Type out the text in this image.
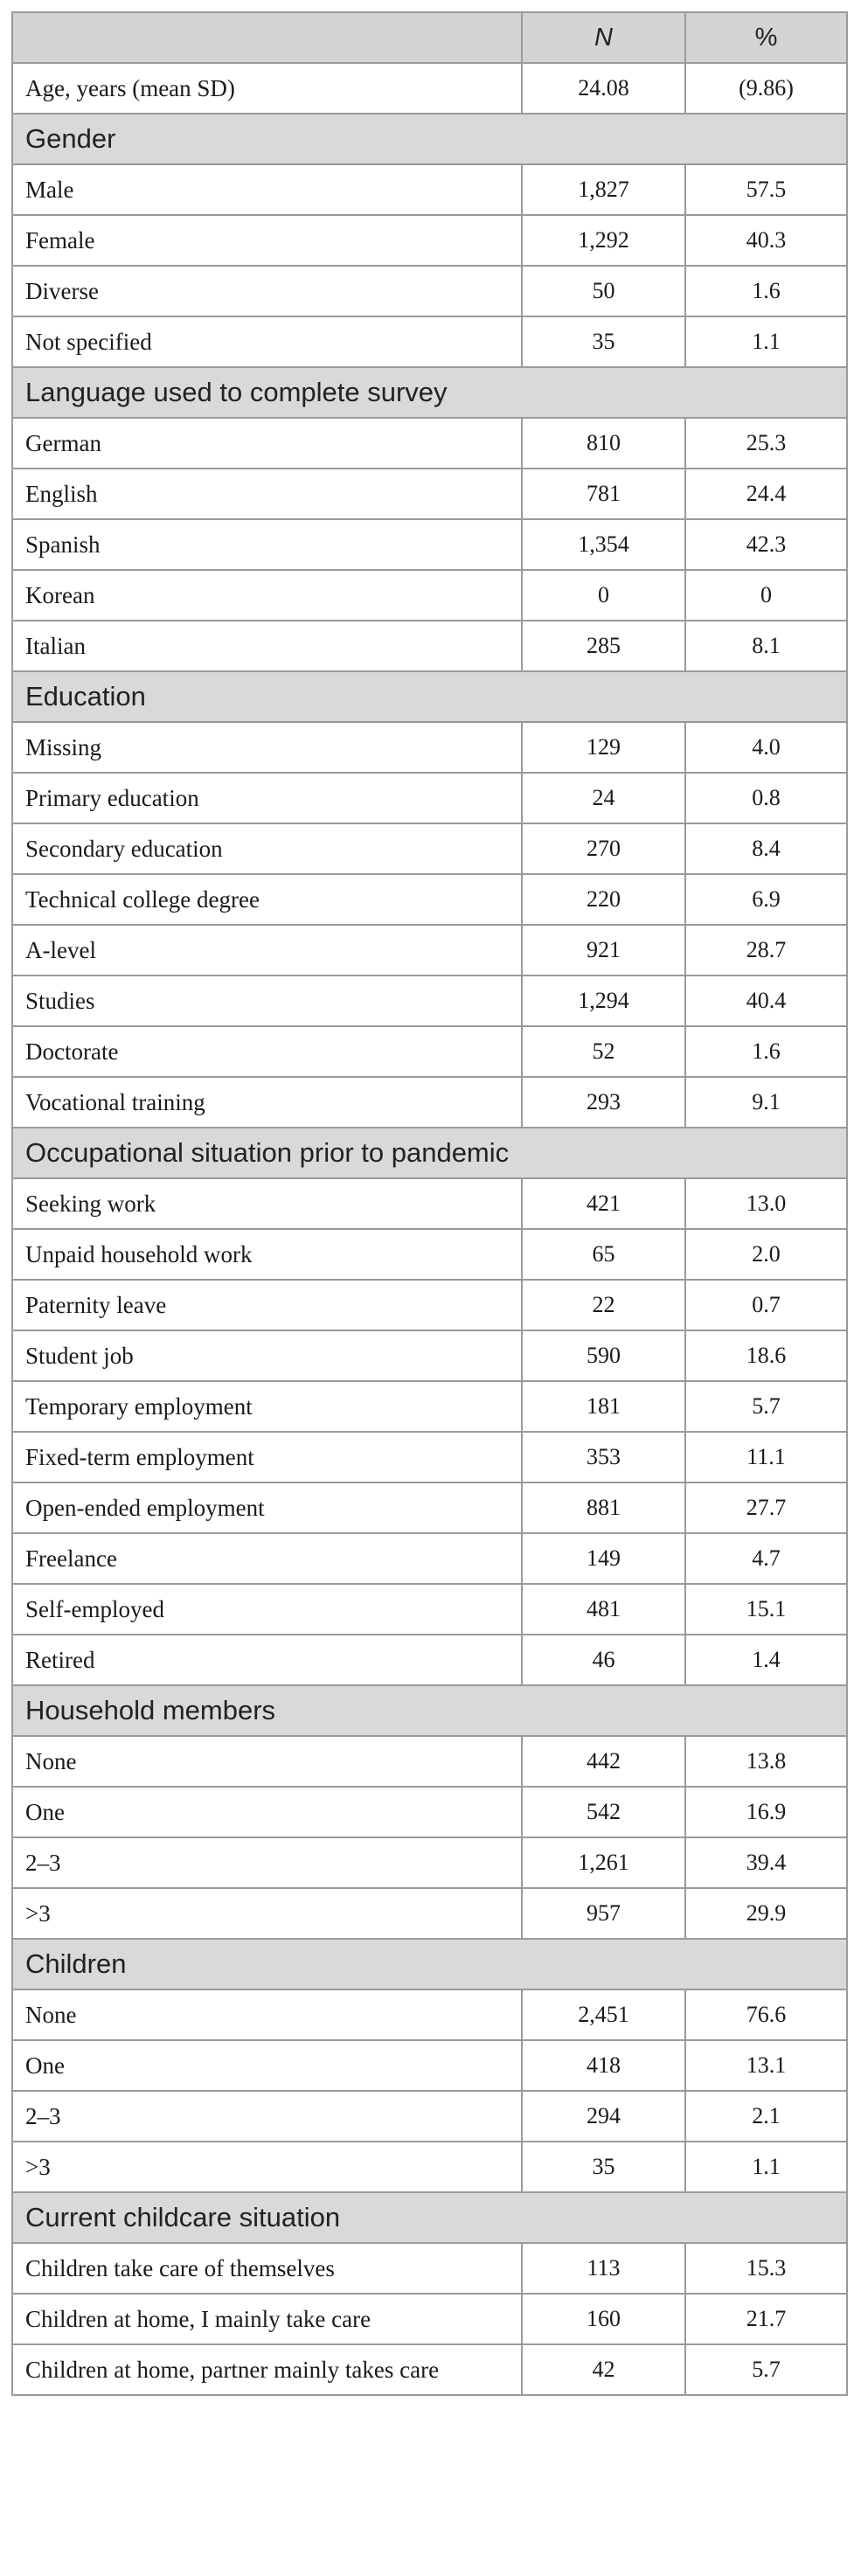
	N	%
Age, years (mean SD)	24.08	(9.86)
Gender		
Male	1,827	57.5
Female	1,292	40.3
Diverse	50	1.6
Not specified	35	1.1
Language used to complete survey		
German	810	25.3
English	781	24.4
Spanish	1,354	42.3
Korean	0	0
Italian	285	8.1
Education		
Missing	129	4.0
Primary education	24	0.8
Secondary education	270	8.4
Technical college degree	220	6.9
A-level	921	28.7
Studies	1,294	40.4
Doctorate	52	1.6
Vocational training	293	9.1
Occupational situation prior to pandemic		
Seeking work	421	13.0
Unpaid household work	65	2.0
Paternity leave	22	0.7
Student job	590	18.6
Temporary employment	181	5.7
Fixed-term employment	353	11.1
Open-ended employment	881	27.7
Freelance	149	4.7
Self-employed	481	15.1
Retired	46	1.4
Household members		
None	442	13.8
One	542	16.9
2–3	1,261	39.4
>3	957	29.9
Children		
None	2,451	76.6
One	418	13.1
2–3	294	2.1
>3	35	1.1
Current childcare situation		
Children take care of themselves	113	15.3
Children at home, I mainly take care	160	21.7
Children at home, partner mainly takes care	42	5.7
